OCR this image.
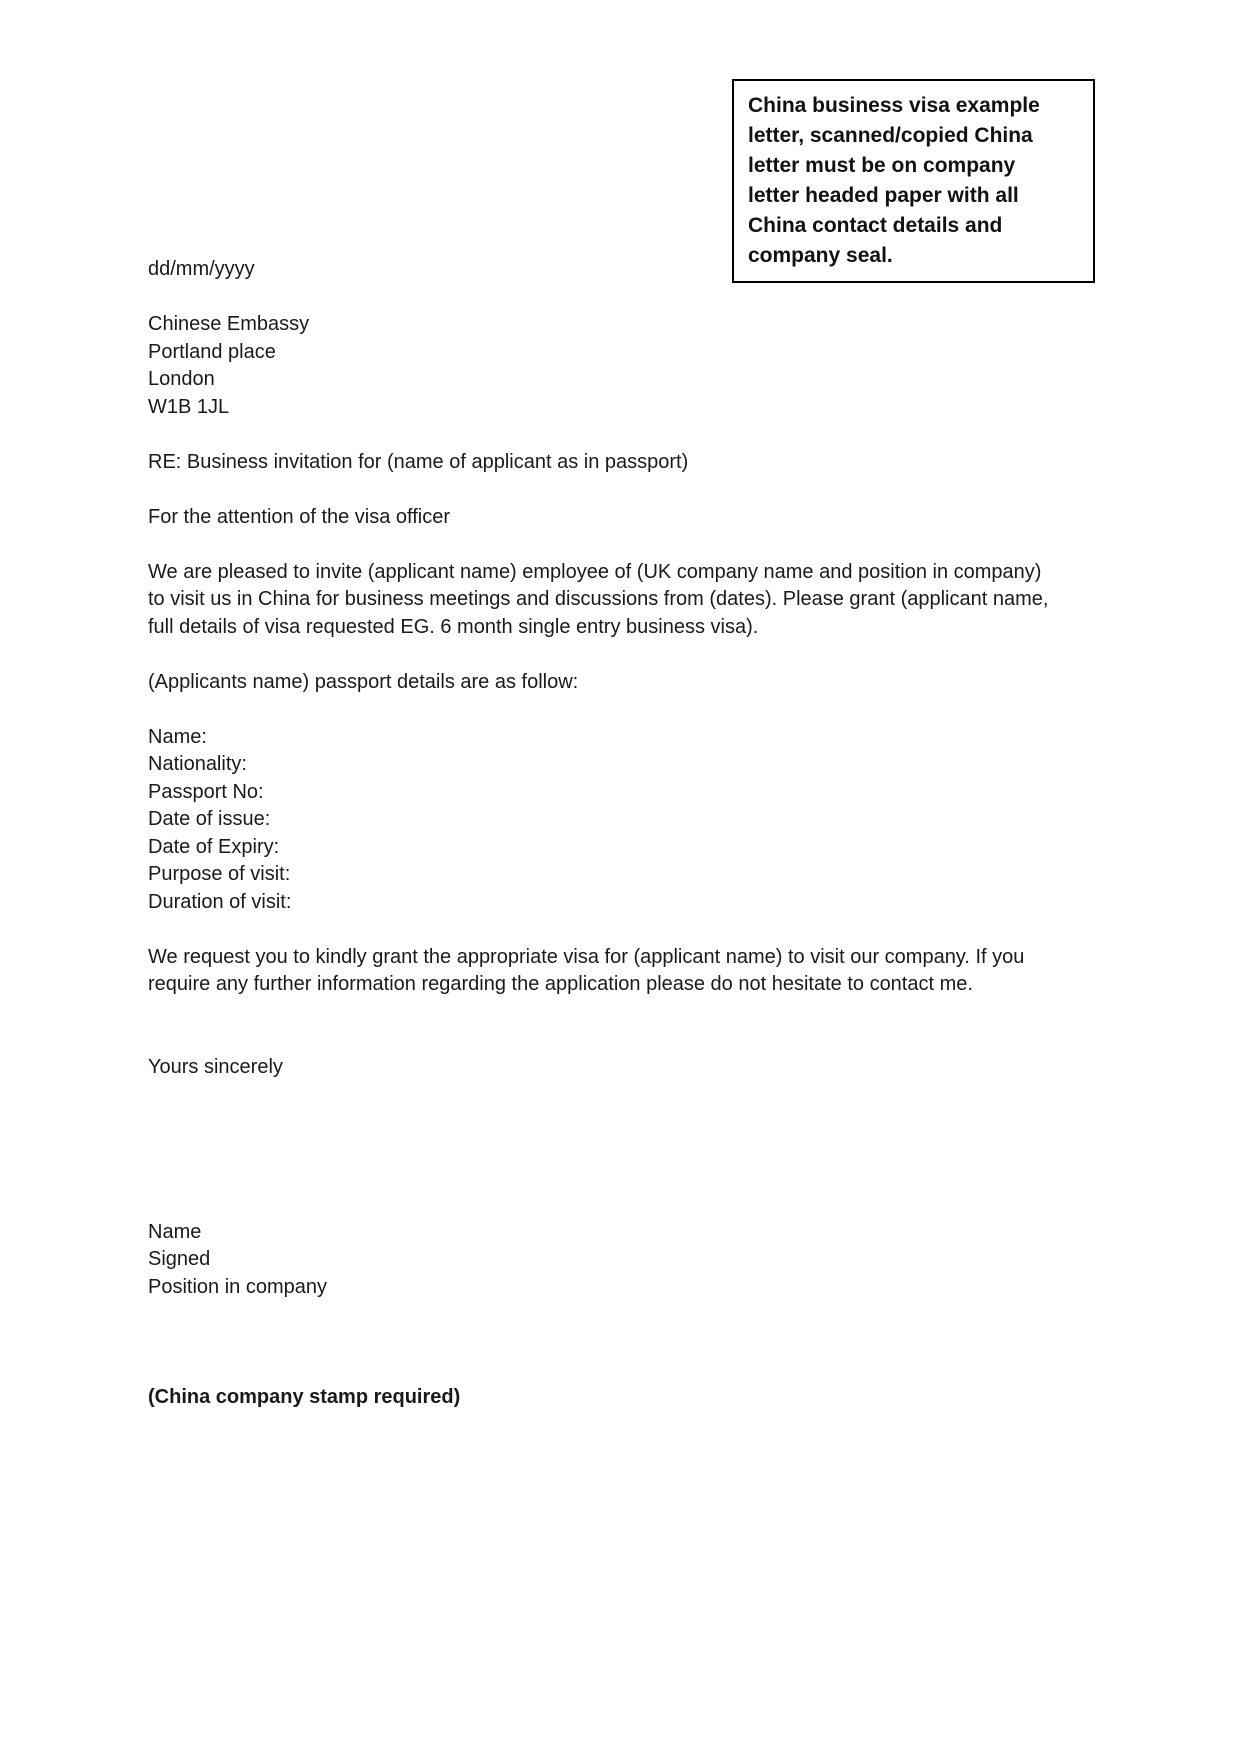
China business visa example
letter, scanned/copied China
letter must be on company
letter headed paper with all
China contact details and
company seal.
dd/mm/yyyy
Chinese Embassy
Portland place
London
W1B 1JL
RE: Business invitation for (name of applicant as in passport)
For the attention of the visa officer
We are pleased to invite (applicant name) employee of (UK company name and position in company) to visit us in China for business meetings and discussions from (dates). Please grant (applicant name, full details of visa requested EG. 6 month single entry business visa).
(Applicants name) passport details are as follow:
Name:
Nationality:
Passport No:
Date of issue:
Date of Expiry:
Purpose of visit:
Duration of visit:
We request you to kindly grant the appropriate visa for (applicant name) to visit our company. If you require any further information regarding the application please do not hesitate to contact me.
Yours sincerely
Name
Signed
Position in company
(China company stamp required)
